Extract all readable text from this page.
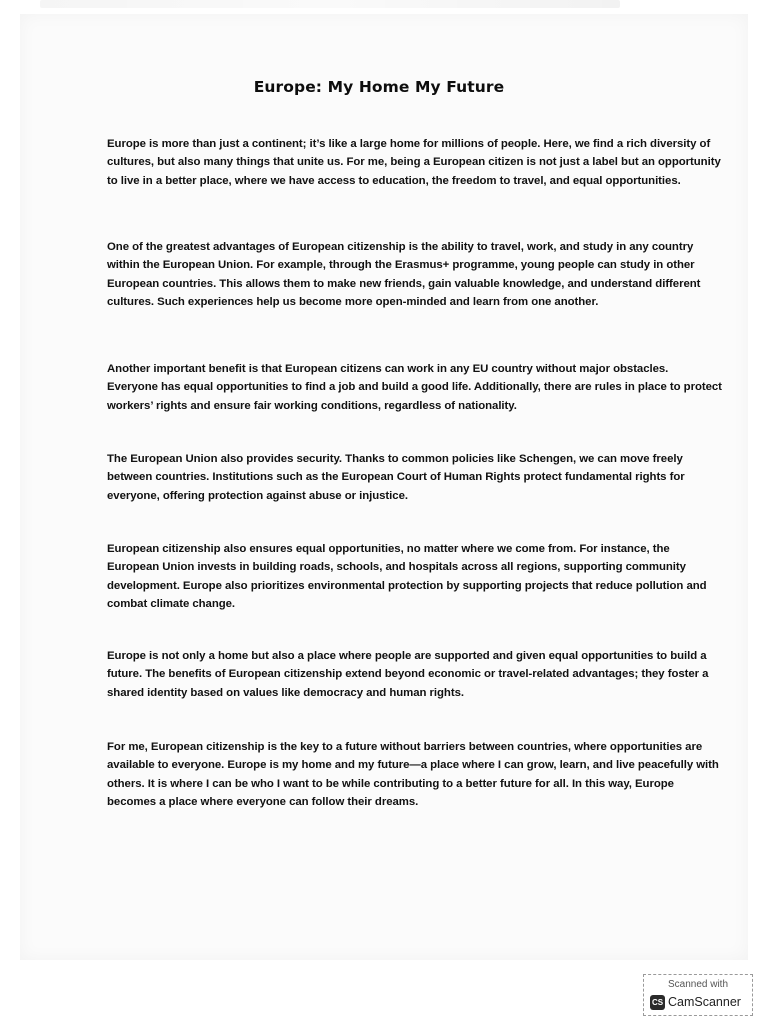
Europe: My Home My Future

Europe is more than just a continent; it’s like a large home for millions of people. Here, we find a rich diversity of cultures, but also many things that unite us. For me, being a European citizen is not just a label but an opportunity to live in a better place, where we have access to education, the freedom to travel, and equal opportunities.

One of the greatest advantages of European citizenship is the ability to travel, work, and study in any country within the European Union. For example, through the Erasmus+ programme, young people can study in other European countries. This allows them to make new friends, gain valuable knowledge, and understand different cultures. Such experiences help us become more open-minded and learn from one another.

Another important benefit is that European citizens can work in any EU country without major obstacles. Everyone has equal opportunities to find a job and build a good life. Additionally, there are rules in place to protect workers’ rights and ensure fair working conditions, regardless of nationality.

The European Union also provides security. Thanks to common policies like Schengen, we can move freely between countries. Institutions such as the European Court of Human Rights protect fundamental rights for everyone, offering protection against abuse or injustice.

European citizenship also ensures equal opportunities, no matter where we come from. For instance, the European Union invests in building roads, schools, and hospitals across all regions, supporting community development. Europe also prioritizes environmental protection by supporting projects that reduce pollution and combat climate change.

Europe is not only a home but also a place where people are supported and given equal opportunities to build a future. The benefits of European citizenship extend beyond economic or travel-related advantages; they foster a shared identity based on values like democracy and human rights.

For me, European citizenship is the key to a future without barriers between countries, where opportunities are available to everyone. Europe is my home and my future—a place where I can grow, learn, and live peacefully with others. It is where I can be who I want to be while contributing to a better future for all. In this way, Europe becomes a place where everyone can follow their dreams.

Scanned with
CS CamScanner
